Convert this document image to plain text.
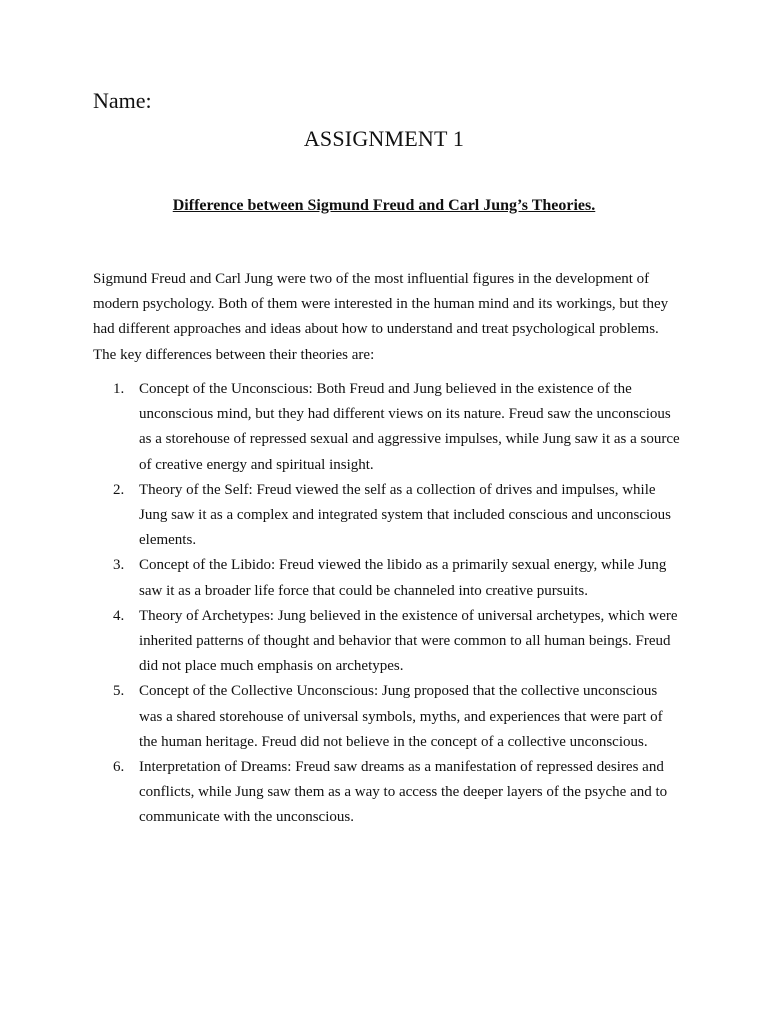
Name:

ASSIGNMENT 1
Difference between Sigmund Freud and Carl Jung’s Theories.

Sigmund Freud and Carl Jung were two of the most influential figures in the development of modern psychology. Both of them were interested in the human mind and its workings, but they had different approaches and ideas about how to understand and treat psychological problems. The key differences between their theories are:

1. Concept of the Unconscious: Both Freud and Jung believed in the existence of the unconscious mind, but they had different views on its nature. Freud saw the unconscious as a storehouse of repressed sexual and aggressive impulses, while Jung saw it as a source of creative energy and spiritual insight.
2. Theory of the Self: Freud viewed the self as a collection of drives and impulses, while Jung saw it as a complex and integrated system that included conscious and unconscious elements.
3. Concept of the Libido: Freud viewed the libido as a primarily sexual energy, while Jung saw it as a broader life force that could be channeled into creative pursuits.
4. Theory of Archetypes: Jung believed in the existence of universal archetypes, which were inherited patterns of thought and behavior that were common to all human beings. Freud did not place much emphasis on archetypes.
5. Concept of the Collective Unconscious: Jung proposed that the collective unconscious was a shared storehouse of universal symbols, myths, and experiences that were part of the human heritage. Freud did not believe in the concept of a collective unconscious.
6. Interpretation of Dreams: Freud saw dreams as a manifestation of repressed desires and conflicts, while Jung saw them as a way to access the deeper layers of the psyche and to communicate with the unconscious.
